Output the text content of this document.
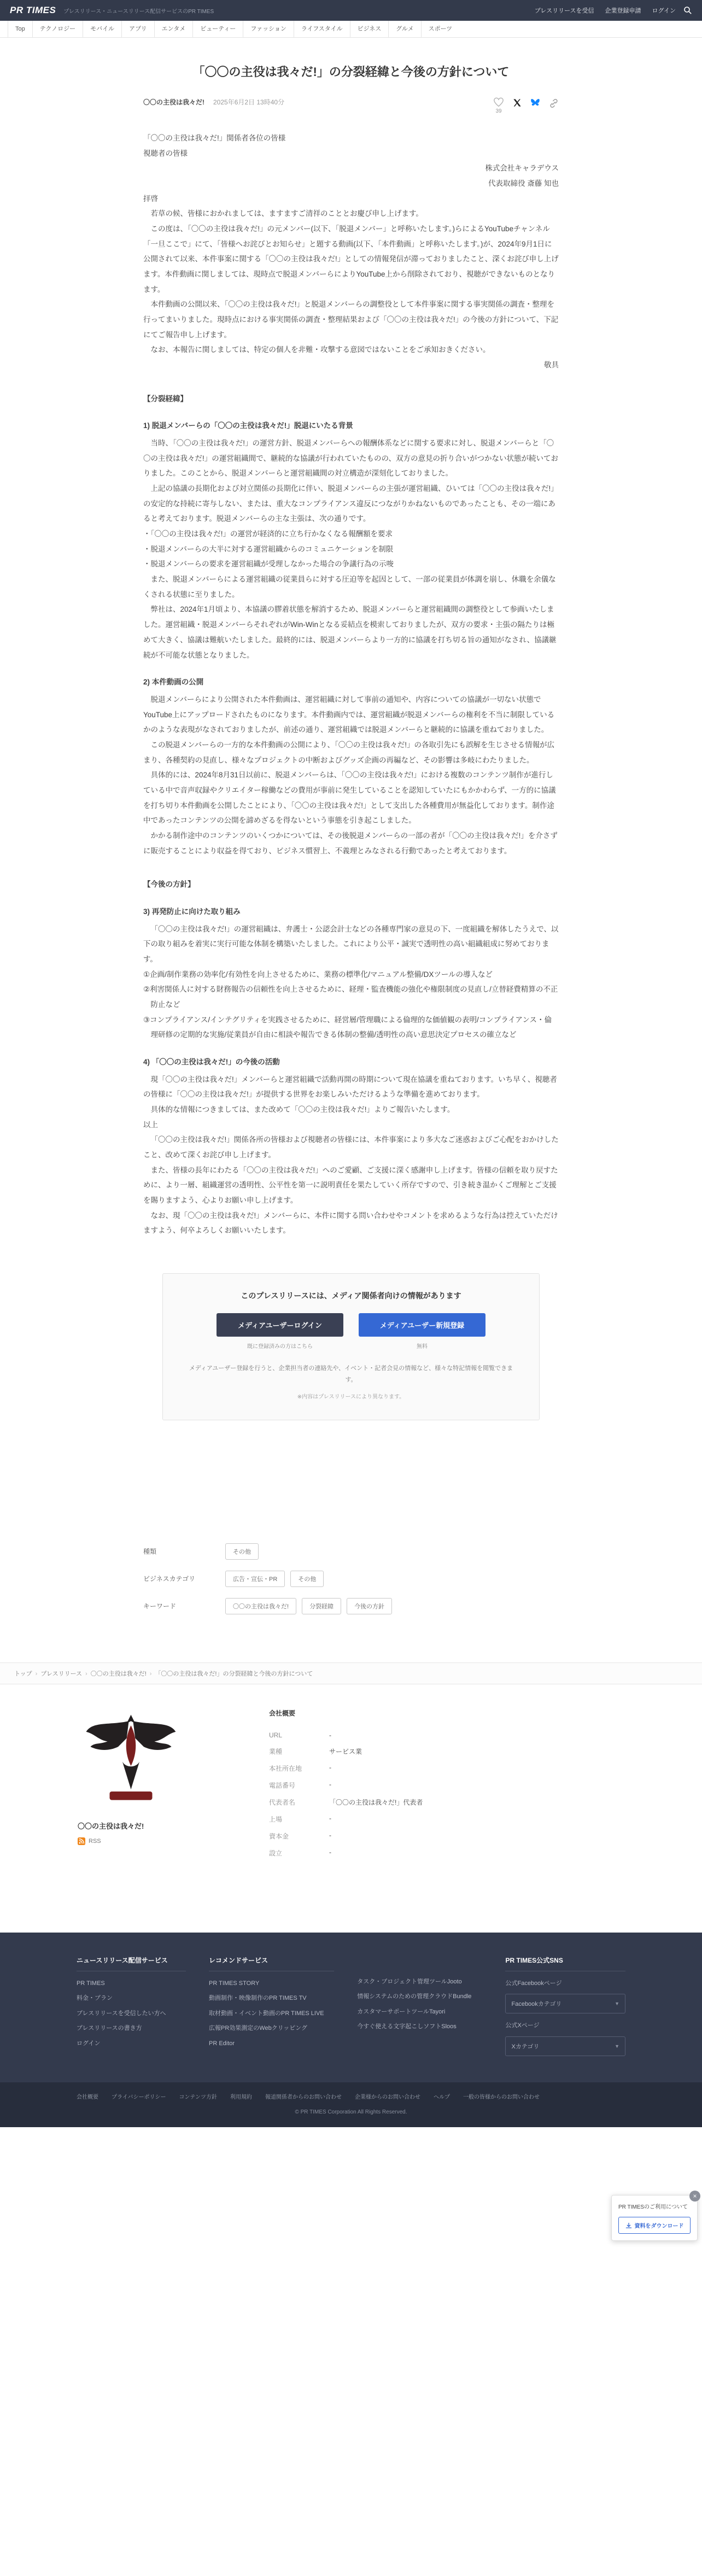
PR TIMES プレスリリース・ニュースリリース配信サービスのPR TIMES	プレスリリースを受信 企業登録申請 ログイン
Top	テクノロジー	モバイル	アプリ	エンタメ	ビューティー	ファッション	ライフスタイル	ビジネス	グルメ	スポーツ
「〇〇の主役は我々だ!」の分裂経緯と今後の方針について
〇〇の主役は我々だ! 2025年6月2日 13時40分
39

「〇〇の主役は我々だ!」関係者各位の皆様

視聴者の皆様

株式会社キャラデウス

代表取締役 斎藤 知也

拝啓

若草の候、皆様におかれましては、ますますご清祥のこととお慶び申し上げます。

この度は、「〇〇の主役は我々だ!」の元メンバー(以下、「脱退メンバー」と呼称いたします。)らによるYouTubeチャンネル「一旦ここで」にて、「皆様へお詫びとお知らせ」と題する動画(以下、「本件動画」と呼称いたします。)が、2024年9月1日に公開されて以来、本件事案に関する「〇〇の主役は我々だ!」としての情報発信が滞っておりましたこと、深くお詫び申し上げます。本件動画に関しましては、現時点で脱退メンバーらによりYouTube上から削除されており、視聴ができないものとなります。

本件動画の公開以来、「〇〇の主役は我々だ!」と脱退メンバーらの調整役として本件事案に関する事実関係の調査・整理を行ってまいりました。現時点における事実関係の調査・整理結果および「〇〇の主役は我々だ!」の今後の方針について、下記にてご報告申し上げます。

なお、本報告に関しましては、特定の個人を非難・攻撃する意図ではないことをご承知おきください。

敬具

【分裂経緯】

1) 脱退メンバーらの「〇〇の主役は我々だ!」脱退にいたる背景

当時、「〇〇の主役は我々だ!」の運営方針、脱退メンバーらへの報酬体系などに関する要求に対し、脱退メンバーらと「〇〇の主役は我々だ!」の運営組織間で、継続的な協議が行われていたものの、双方の意見の折り合いがつかない状態が続いておりました。このことから、脱退メンバーらと運営組織間の対立構造が深刻化しておりました。

上記の協議の長期化および対立関係の長期化に伴い、脱退メンバーらの主張が運営組織、ひいては「〇〇の主役は我々だ!」の安定的な持続に寄与しない、または、重大なコンプライアンス違反につながりかねないものであったことも、その一端にあると考えております。脱退メンバーらの主な主張は、次の通りです。

・「〇〇の主役は我々だ!」の運営が経済的に立ち行かなくなる報酬額を要求

・脱退メンバーらの大半に対する運営組織からのコミュニケーションを制限

・脱退メンバーらの要求を運営組織が受理しなかった場合の争議行為の示唆

また、脱退メンバーらによる運営組織の従業員らに対する圧迫等を起因として、一部の従業員が体調を崩し、休職を余儀なくされる状態に至りました。

弊社は、2024年1月頃より、本協議の膠着状態を解消するため、脱退メンバーらと運営組織間の調整役として参画いたしました。運営組織・脱退メンバーらそれぞれがWin-Winとなる妥結点を模索しておりましたが、双方の要求・主張の隔たりは極めて大きく、協議は難航いたしました。最終的には、脱退メンバーらより一方的に協議を打ち切る旨の通知がなされ、協議継続が不可能な状態となりました。

2) 本件動画の公開

脱退メンバーらにより公開された本件動画は、運営組織に対して事前の通知や、内容についての協議が一切ない状態でYouTube上にアップロードされたものになります。本件動画内では、運営組織が脱退メンバーらの権利を不当に制限しているかのような表現がなされておりましたが、前述の通り、運営組織では脱退メンバーらと継続的に協議を重ねておりました。

この脱退メンバーらの一方的な本件動画の公開により、「〇〇の主役は我々だ!」の各取引先にも誤解を生じさせる情報が広まり、各種契約の見直し、様々なプロジェクトの中断およびグッズ企画の再編など、その影響は多岐にわたりました。

具体的には、2024年8月31日以前に、脱退メンバーらは、「〇〇の主役は我々だ!」における複数のコンテンツ制作が進行している中で音声収録やクリエイター稼働などの費用が事前に発生していることを認知していたにもかかわらず、一方的に協議を打ち切り本件動画を公開したことにより、「〇〇の主役は我々だ!」として支出した各種費用が無益化しております。制作途中であったコンテンツの公開を諦めざるを得ないという事態を引き起こしました。

かかる制作途中のコンテンツのいくつかについては、その後脱退メンバーらの一部の者が「〇〇の主役は我々だ!」を介さずに販売することにより収益を得ており、ビジネス慣習上、不義理とみなされる行動であったと考えております。

【今後の方針】

3) 再発防止に向けた取り組み

「〇〇の主役は我々だ!」の運営組織は、弁護士・公認会計士などの各種専門家の意見の下、一度組織を解体したうえで、以下の取り組みを着実に実行可能な体制を構築いたしました。これにより公平・誠実で透明性の高い組織組成に努めております。

①企画/制作業務の効率化/有効性を向上させるために、業務の標準化/マニュアル整備/DXツールの導入など

②利害関係人に対する財務報告の信頼性を向上させるために、経理・監査機能の強化や権限制度の見直し/立替経費精算の不正防止など

③コンプライアンス/インテグリティを実践させるために、経営層/管理職による倫理的な価値観の表明/コンプライアンス・倫理研修の定期的な実施/従業員が自由に相談や報告できる体制の整備/透明性の高い意思決定プロセスの確立など

4) 「〇〇の主役は我々だ!」の今後の活動

現「〇〇の主役は我々だ!」メンバーらと運営組織で活動再開の時期について現在協議を重ねております。いち早く、視聴者の皆様に「〇〇の主役は我々だ!」が提供する世界をお楽しみいただけるような準備を進めております。

具体的な情報につきましては、また改めて「〇〇の主役は我々だ!」よりご報告いたします。

以上

「〇〇の主役は我々だ!」関係各所の皆様および視聴者の皆様には、本件事案により多大なご迷惑およびご心配をおかけしたこと、改めて深くお詫び申し上げます。

また、皆様の長年にわたる「〇〇の主役は我々だ!」へのご愛顧、ご支援に深く感謝申し上げます。皆様の信頼を取り戻すために、より一層、組織運営の透明性、公平性を第一に説明責任を果たしていく所存ですので、引き続き温かくご理解とご支援を賜りますよう、心よりお願い申し上げます。

なお、現「〇〇の主役は我々だ!」メンバーらに、本件に関する問い合わせやコメントを求めるような行為は控えていただけますよう、何卒よろしくお願いいたします。

このプレスリリースには、メディア関係者向けの情報があります
メディアユーザーログイン
既に登録済みの方はこちら
メディアユーザー新規登録
無料

メディアユーザー登録を行うと、企業担当者の連絡先や、イベント・記者会見の情報など、様々な特記情報を閲覧できます。

※内容はプレスリリースにより異なります。

種類	その他
ビジネスカテゴリ	広告・宣伝・PR	その他
キーワード	〇〇の主役は我々だ!	分裂経緯	今後の方針
トップ ›	プレスリリース ›	〇〇の主役は我々だ! ›	「〇〇の主役は我々だ!」の分裂経緯と今後の方針について
〇〇の主役は我々だ!
RSS
会社概要
URL	-
業種	サービス業
本社所在地	-
電話番号	-
代表者名	「〇〇の主役は我々だ!」代表者
上場	-
資本金	-
設立	-
×
PR TIMESのご利用について
資料をダウンロード
ニュースリリース配信サービス
PR TIMES
料金・プラン
プレスリリースを受信したい方へ
プレスリリースの書き方
ログイン
レコメンドサービス
PR TIMES STORY
動画制作・映像制作のPR TIMES TV
取材動画・イベント動画のPR TIMES LIVE
広報PR効果測定のWebクリッピング
PR Editor
タスク・プロジェクト管理ツールJooto
情報システムのための管理クラウドBundle
カスタマーサポートツールTayori
今すぐ使える文字起こしソフトSloos
PR TIMES公式SNS
公式Facebookページ
Facebookカテゴリ	▼
公式Xページ
Xカテゴリ	▼
会社概要 プライバシーポリシー コンテンツ方針 利用規約 報道関係者からのお問い合わせ 企業様からのお問い合わせ ヘルプ 一般の皆様からのお問い合わせ
© PR TIMES Corporation All Rights Reserved.
